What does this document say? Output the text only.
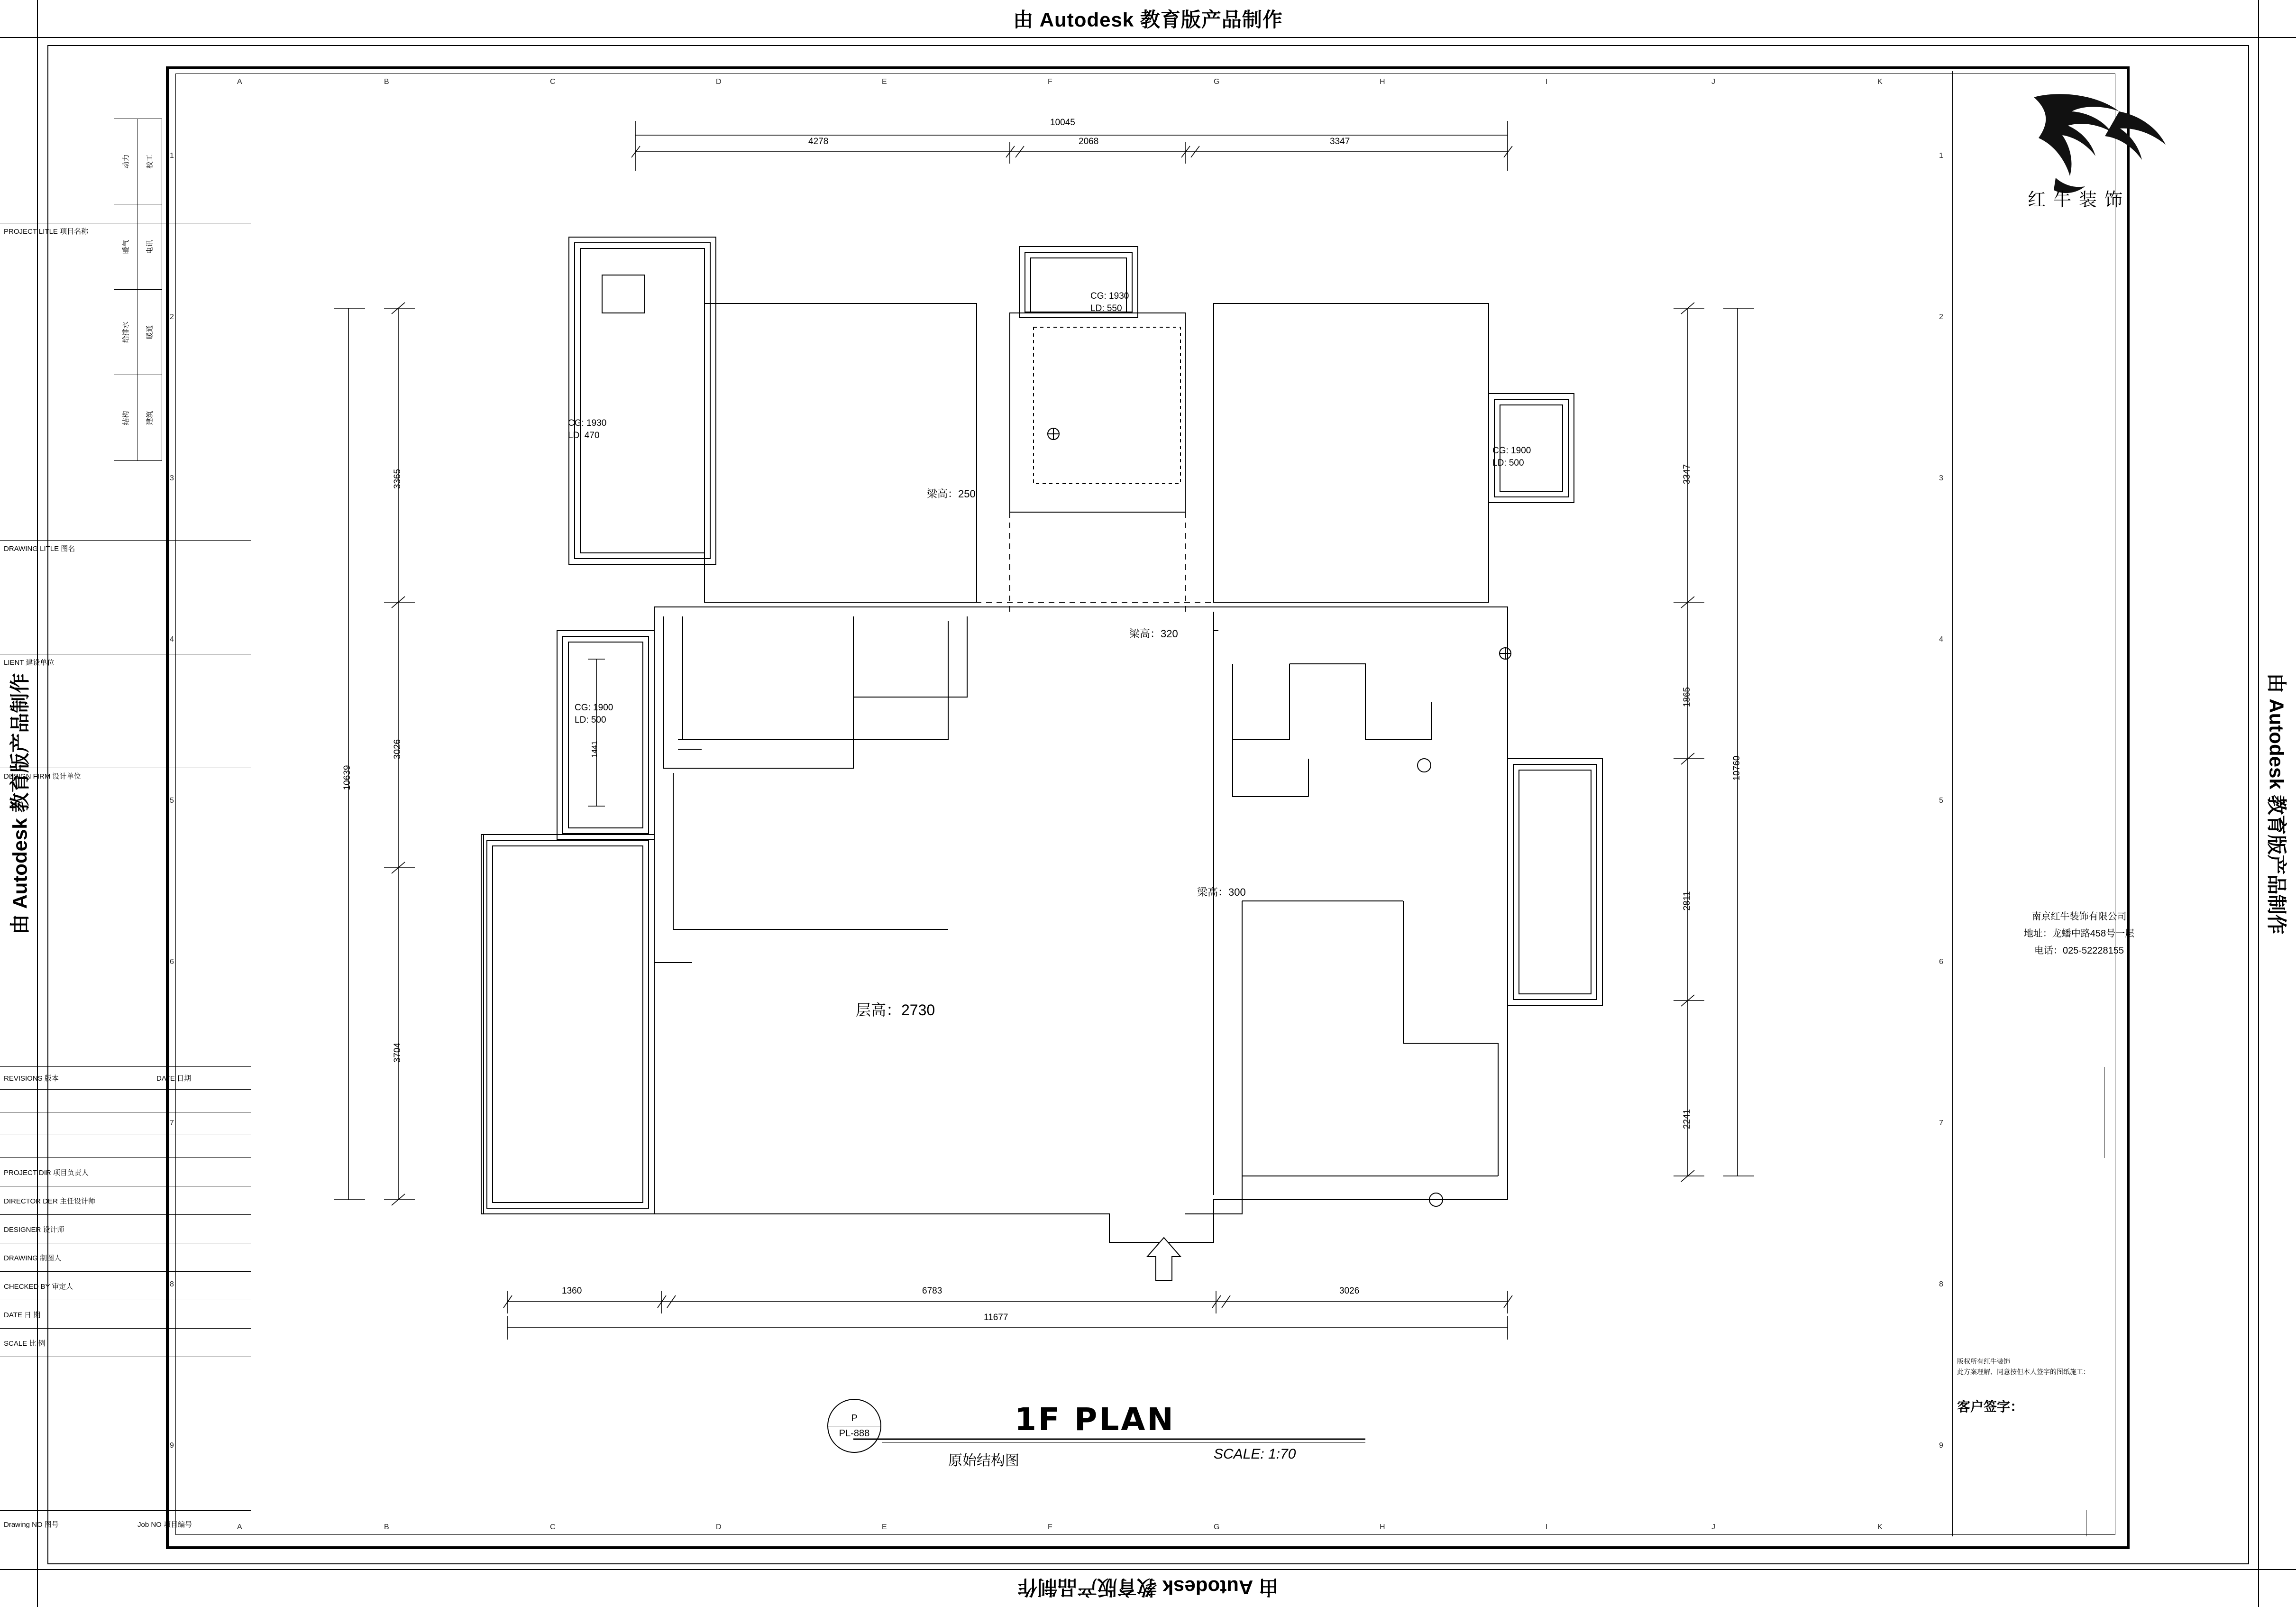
由 Autodesk 教育版产品制作
由 Autodesk 教育版产品制作
由 Autodesk 教育版产品制作	由 Autodesk 教育版产品制作
动力 校工
暖气 电讯
给排水 暖通
结构 建筑
A	B	C	D	E	F	G	H	I	J	K
A	B	C	D	E	F	G	H	I	J	K
1
2
3
4
5
6
7
8
9
1
2
3
4
5
6
7
8
9
10045
4278	2068	3347
10639
3365
3026
3704
3347
1865
2811
2241
10760
1441
1360	6783	3026
11677
CG: 1930
LD: 470
CG: 1930
LD: 550
CG: 1900
LD: 500
CG: 1900
LD: 500
梁高：250
梁高：320
梁高：300
层高：2730
P
PL-888	1F PLAN
原始结构图	SCALE: 1:70
红牛装饰
PROJECT LITLE 项目名称
DRAWING LITLE 图名
LIENT 建设单位
DESIGN FIRM 设计单位
南京红牛装饰有限公司
地址：龙蟠中路458号一层
电话：025-52228155
REVISIONS 版本	DATE 日期
PROJECT DIR 项目负责人
DIRECTOR DER 主任设计师
DESIGNER 设计师
DRAWING 制图人
CHECKED BY 审定人
DATE 日 期
SCALE 比 例
版权所有红牛装饰
此方案理解、同意按但本人签字的图纸施工：
客户签字：
Drawing NO 图号	Job NO 项目编号
